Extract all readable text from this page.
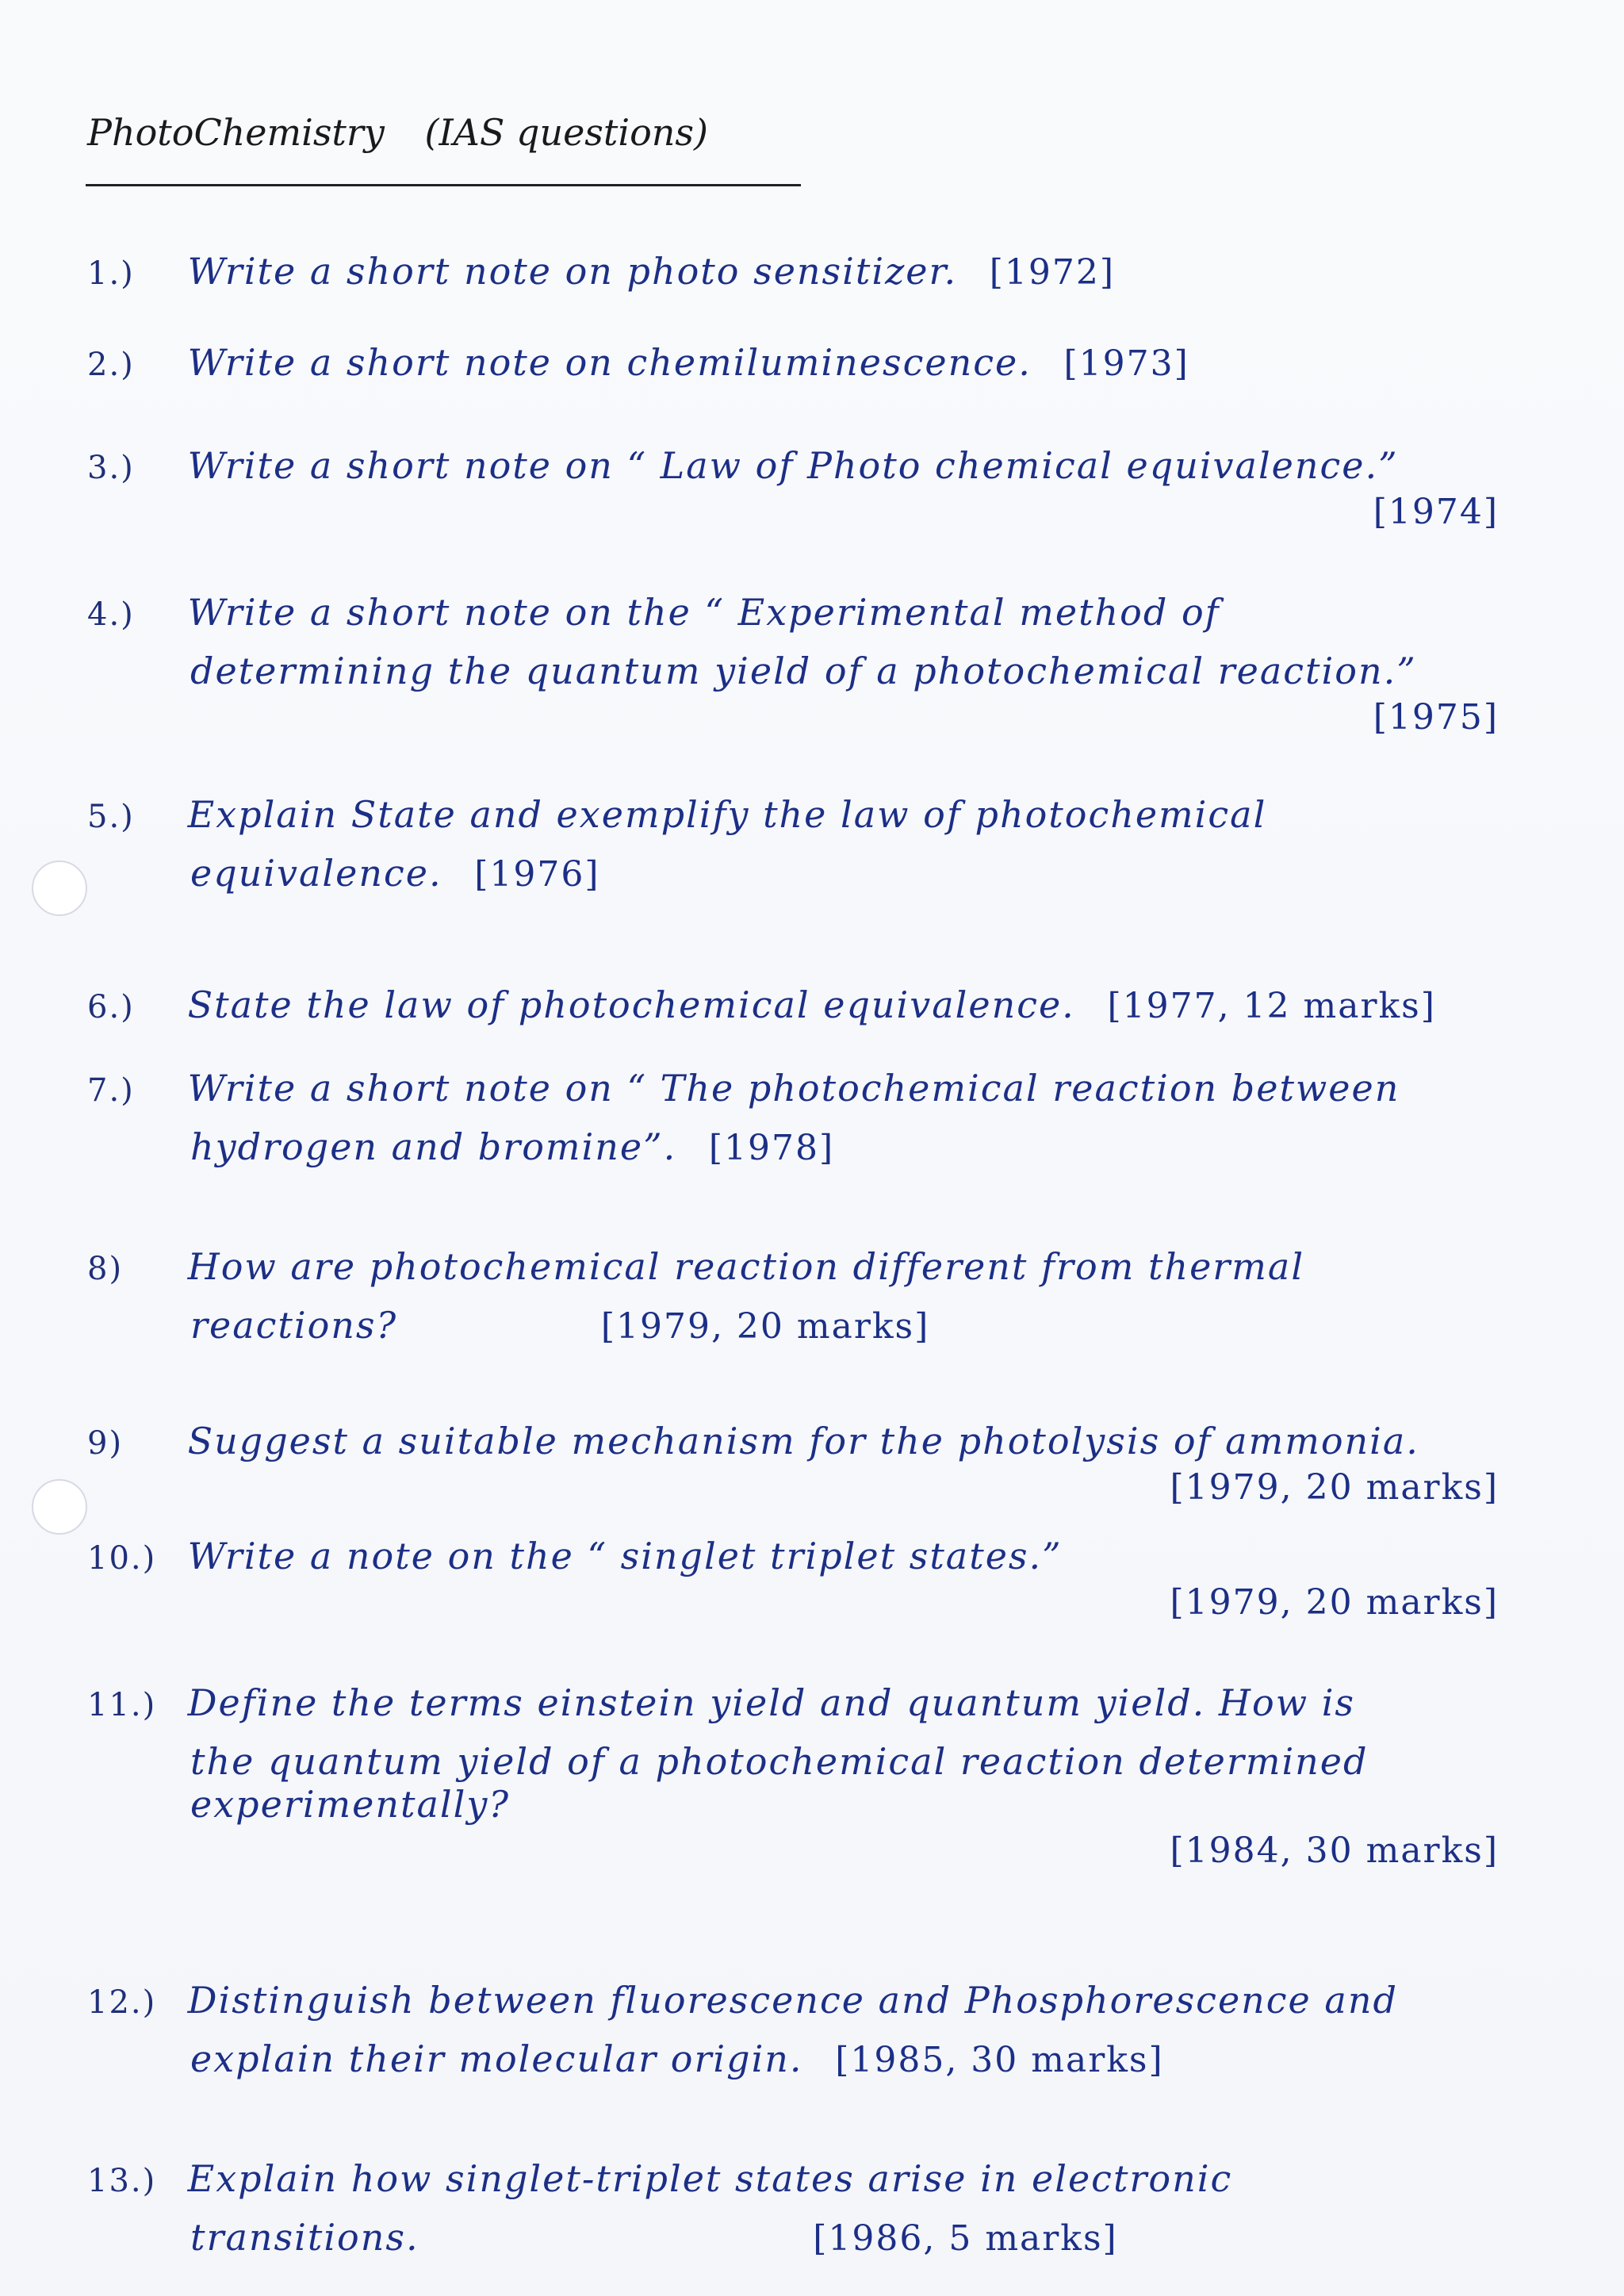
PhotoChemistry (IAS questions)
1.) Write a short note on photo sensitizer. [1972]
2.) Write a short note on chemiluminescence. [1973]
3.) Write a short note on “ Law of Photo chemical equivalence.”
[1974]
4.) Write a short note on the “ Experimental method of
determining the quantum yield of a photochemical reaction.”
[1975]
5.) Explain State and exemplify the law of photochemical
equivalence. [1976]
6.) State the law of photochemical equivalence. [1977, 12 marks]
7.) Write a short note on “ The photochemical reaction between
hydrogen and bromine”. [1978]
8) How are photochemical reaction different from thermal
reactions?	[1979, 20 marks]
9) Suggest a suitable mechanism for the photolysis of ammonia.
[1979, 20 marks]
10.) Write a note on the “ singlet triplet states.”
[1979, 20 marks]
11.) Define the terms einstein yield and quantum yield. How is
the quantum yield of a photochemical reaction determined experimentally?
[1984, 30 marks]
12.) Distinguish between fluorescence and Phosphorescence and
explain their molecular origin. [1985, 30 marks]
13.) Explain how singlet-triplet states arise in electronic
transitions.	[1986, 5 marks]
